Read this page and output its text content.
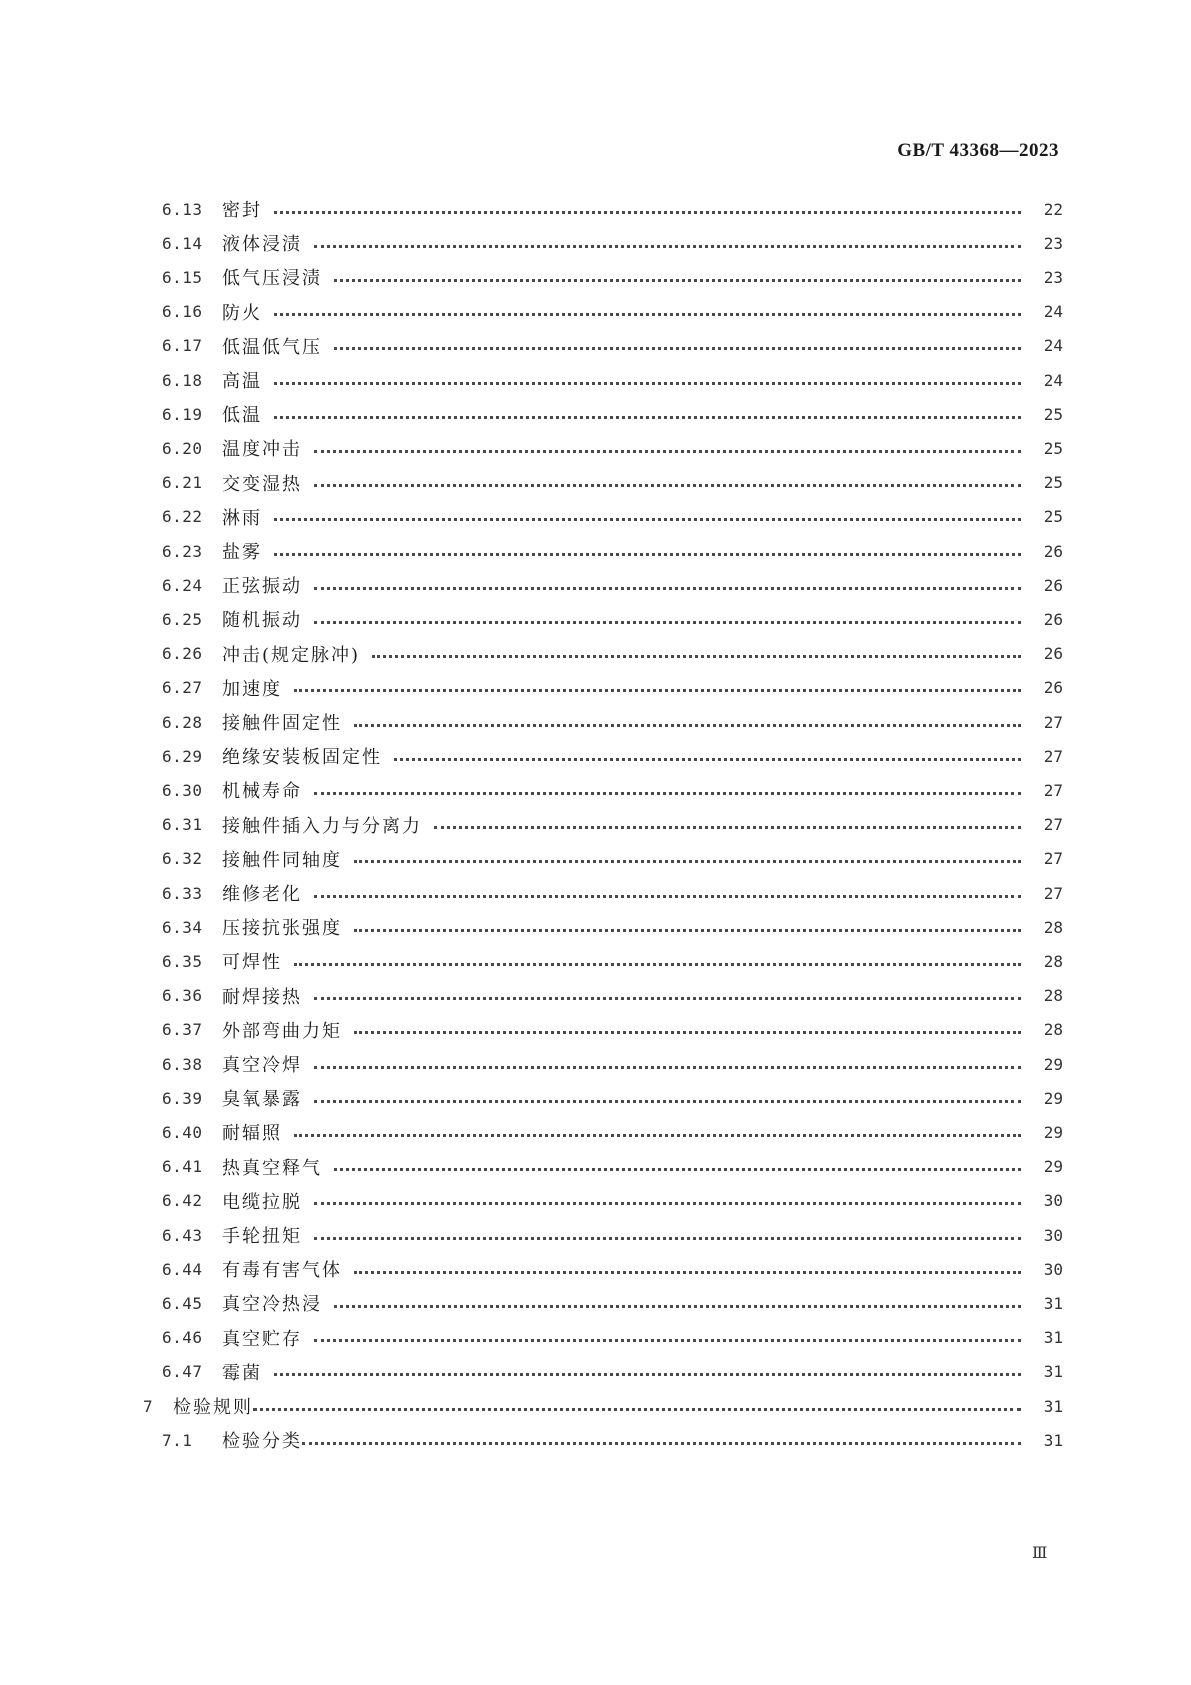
GB/T 43368—2023
6.13	密封	22
6.14	液体浸渍	23
6.15	低气压浸渍	23
6.16	防火	24
6.17	低温低气压	24
6.18	高温	24
6.19	低温	25
6.20	温度冲击	25
6.21	交变湿热	25
6.22	淋雨	25
6.23	盐雾	26
6.24	正弦振动	26
6.25	随机振动	26
6.26	冲击(规定脉冲)	26
6.27	加速度	26
6.28	接触件固定性	27
6.29	绝缘安装板固定性	27
6.30	机械寿命	27
6.31	接触件插入力与分离力	27
6.32	接触件同轴度	27
6.33	维修老化	27
6.34	压接抗张强度	28
6.35	可焊性	28
6.36	耐焊接热	28
6.37	外部弯曲力矩	28
6.38	真空冷焊	29
6.39	臭氧暴露	29
6.40	耐辐照	29
6.41	热真空释气	29
6.42	电缆拉脱	30
6.43	手轮扭矩	30
6.44	有毒有害气体	30
6.45	真空冷热浸	31
6.46	真空贮存	31
6.47	霉菌	31
7	检验规则	31
7.1	检验分类	31
Ⅲ
